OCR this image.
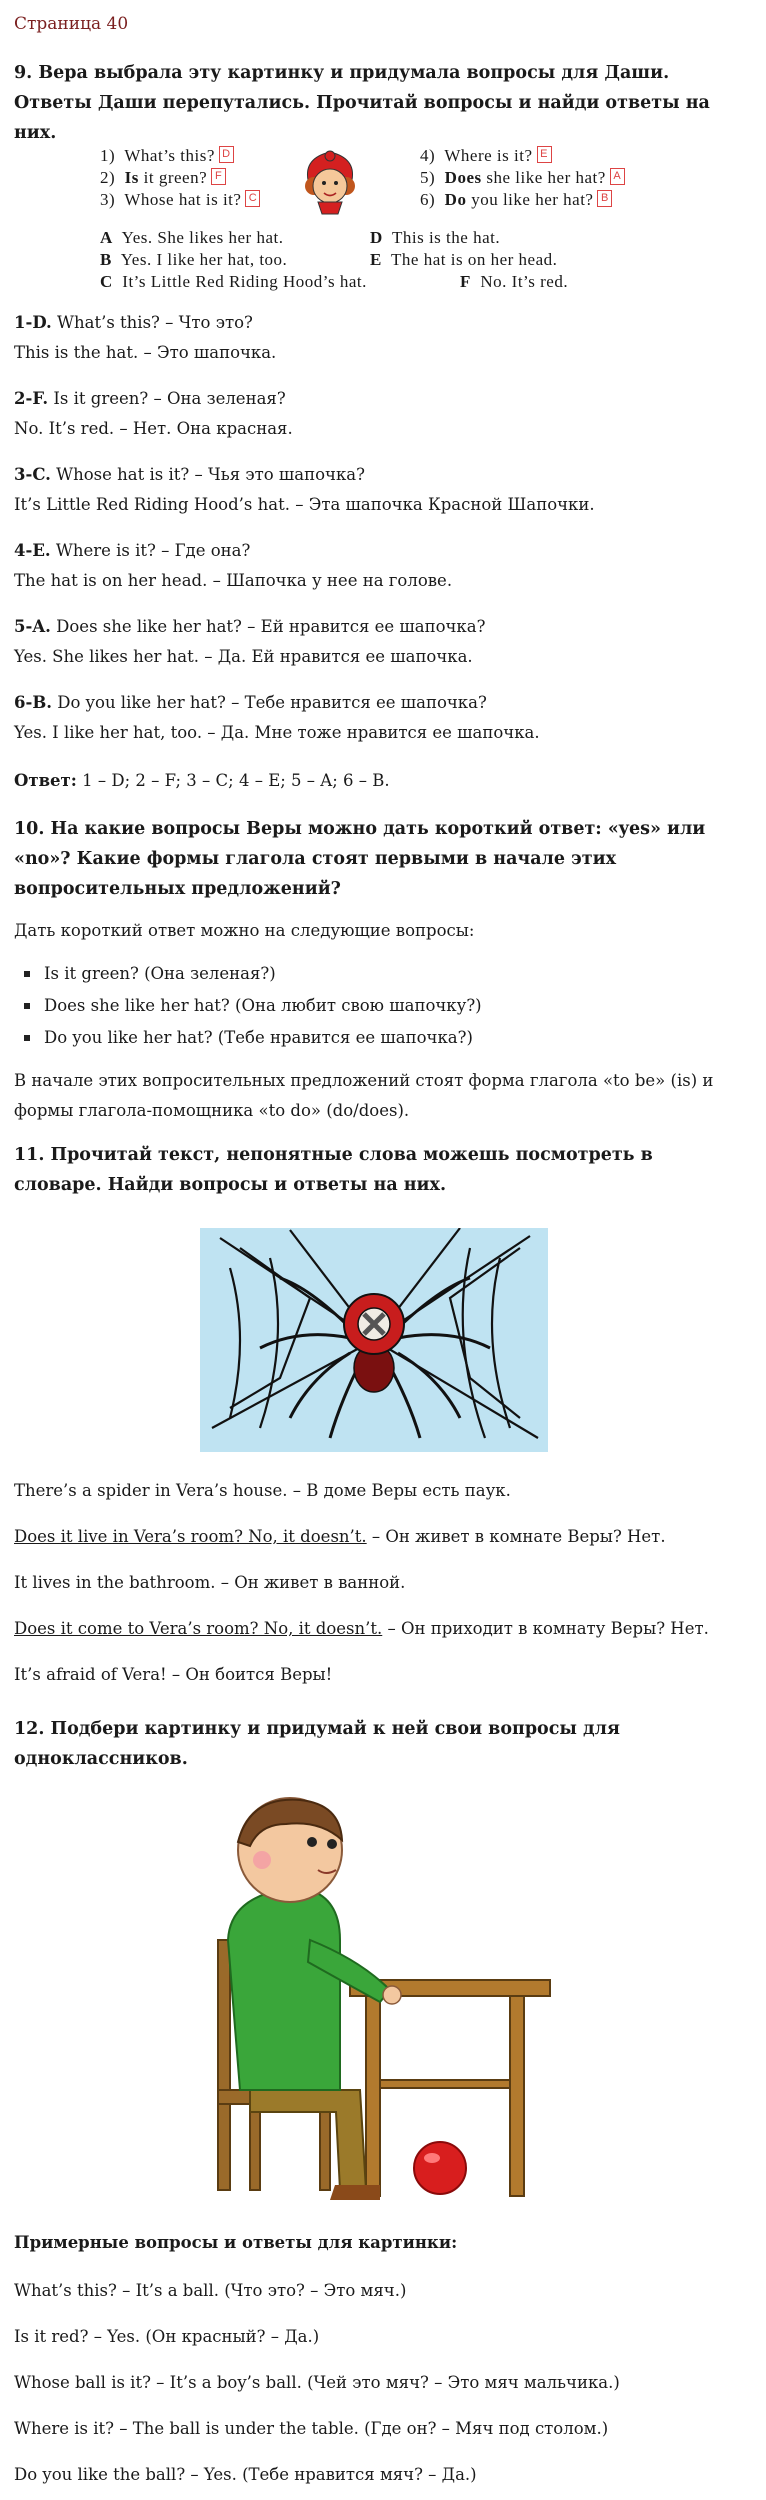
Страница 40

9. Вера выбрала эту картинку и придумала вопросы для Даши. Ответы Даши перепутались. Прочитай вопросы и найди ответы на них.

1) What’s this? D
2) Is it green? F
3) Whose hat is it? C
4) Where is it? E
5) Does she like her hat? A
6) Do you like her hat? B
A Yes. She likes her hat.
B Yes. I like her hat, too.
C It’s Little Red Riding Hood’s hat.
D This is the hat.
E The hat is on her head.
F No. It’s red.

1-D. What’s this? – Что это?
This is the hat. – Это шапочка.

2-F. Is it green? – Она зеленая?
No. It’s red. – Нет. Она красная.

3-C. Whose hat is it? – Чья это шапочка?
It’s Little Red Riding Hood’s hat. – Эта шапочка Красной Шапочки.

4-E. Where is it? – Где она?
The hat is on her head. – Шапочка у нее на голове.

5-A. Does she like her hat? – Ей нравится ее шапочка?
Yes. She likes her hat. – Да. Ей нравится ее шапочка.

6-B. Do you like her hat? – Тебе нравится ее шапочка?
Yes. I like her hat, too. – Да. Мне тоже нравится ее шапочка.

Ответ: 1 – D; 2 – F; 3 – C; 4 – E; 5 – A; 6 – B.

10. На какие вопросы Веры можно дать короткий ответ: «yes» или «no»? Какие формы глагола стоят первыми в начале этих вопросительных предложений?

Дать короткий ответ можно на следующие вопросы:

Is it green? (Она зеленая?)
Does she like her hat? (Она любит свою шапочку?)
Do you like her hat? (Тебе нравится ее шапочка?)

В начале этих вопросительных предложений стоят форма глагола «to be» (is) и формы глагола-помощника «to do» (do/does).

11. Прочитай текст, непонятные слова можешь посмотреть в словаре. Найди вопросы и ответы на них.

There’s a spider in Vera’s house. – В доме Веры есть паук.

Does it live in Vera’s room? No, it doesn’t. – Он живет в комнате Веры? Нет.

It lives in the bathroom. – Он живет в ванной.

Does it come to Vera’s room? No, it doesn’t. – Он приходит в комнату Веры? Нет.

It’s afraid of Vera! – Он боится Веры!

12. Подбери картинку и придумай к ней свои вопросы для одноклассников.

Примерные вопросы и ответы для картинки:

What’s this? – It’s a ball. (Что это? – Это мяч.)

Is it red? – Yes. (Он красный? – Да.)

Whose ball is it? – It’s a boy’s ball. (Чей это мяч? – Это мяч мальчика.)

Where is it? – The ball is under the table. (Где он? – Мяч под столом.)

Do you like the ball? – Yes. (Тебе нравится мяч? – Да.)
